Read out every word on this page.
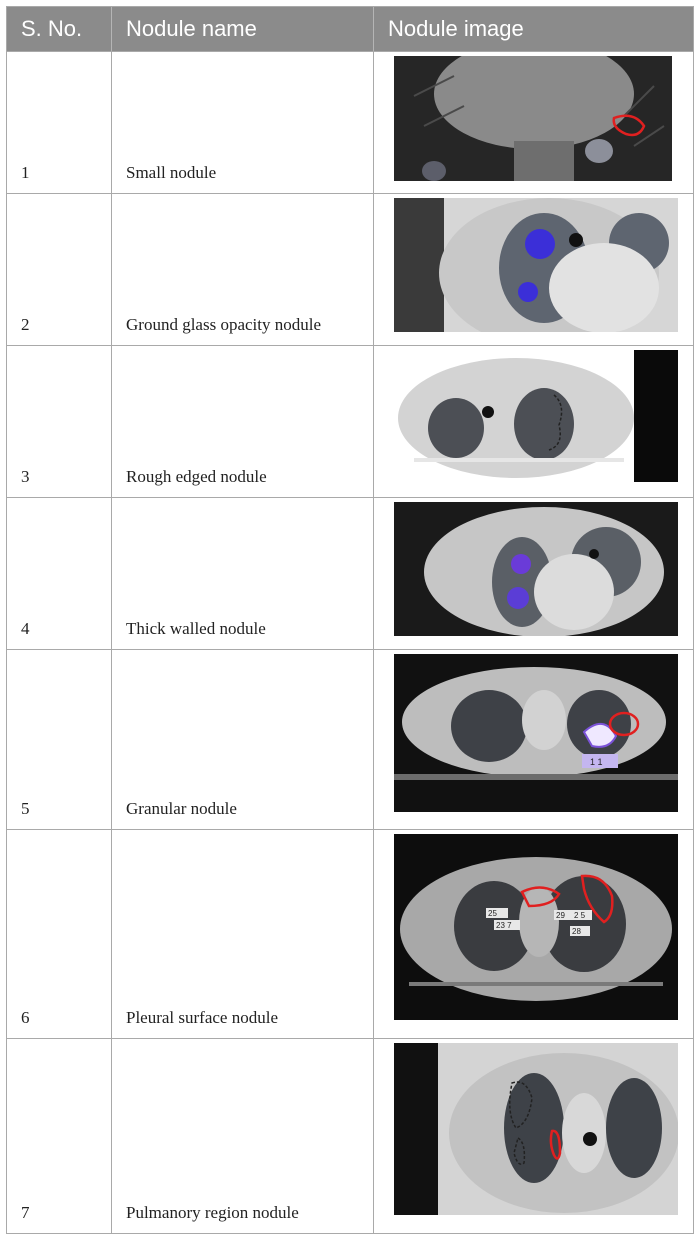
S. No.	Nodule name	Nodule image
1	Small nodule
2	Ground glass opacity nodule
3	Rough edged nodule
4	Thick walled nodule
5	Granular nodule
1 1
6	Pleural surface nodule
25
23 7
29 2 5
28
7	Pulmanory region nodule
